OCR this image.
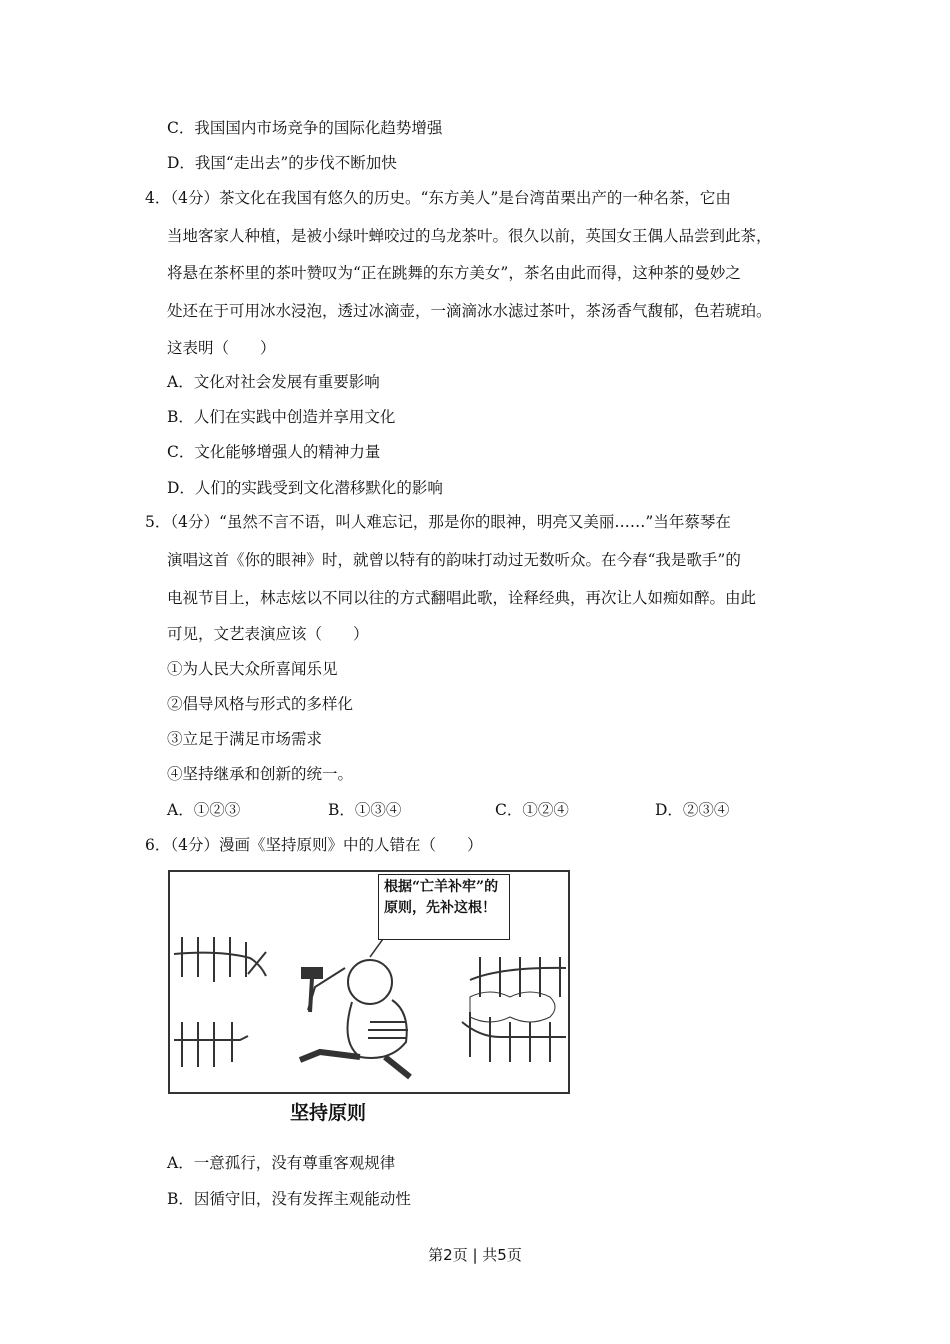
C．我国国内市场竞争的国际化趋势增强
D．我国“走出去”的步伐不断加快
4．（4分）茶文化在我国有悠久的历史。“东方美人”是台湾苗栗出产的一种名茶，它由
当地客家人种植，是被小绿叶蝉咬过的乌龙茶叶。很久以前，英国女王偶人品尝到此茶，
将悬在茶杯里的茶叶赞叹为“正在跳舞的东方美女”，茶名由此而得，这种茶的曼妙之
处还在于可用冰水浸泡，透过冰滴壶，一滴滴冰水滤过茶叶，茶汤香气馥郁，色若琥珀。
这表明（　　）
A．文化对社会发展有重要影响
B．人们在实践中创造并享用文化
C．文化能够增强人的精神力量
D．人们的实践受到文化潜移默化的影响
5．（4分）“虽然不言不语，叫人难忘记，那是你的眼神，明亮又美丽……”当年蔡琴在
演唱这首《你的眼神》时，就曾以特有的韵味打动过无数听众。在今春“我是歌手”的
电视节目上，林志炫以不同以往的方式翻唱此歌，诠释经典，再次让人如痴如醉。由此
可见，文艺表演应该（　　）
①为人民大众所喜闻乐见
②倡导风格与形式的多样化
③立足于满足市场需求
④坚持继承和创新的统一。
A．①②③	B．①③④	C．①②④	D．②③④
6．（4分）漫画《坚持原则》中的人错在（　　）
根据“亡羊补牢”的原则，先补这根！
坚持原则
A．一意孤行，没有尊重客观规律
B．因循守旧，没有发挥主观能动性
第2页 | 共5页
